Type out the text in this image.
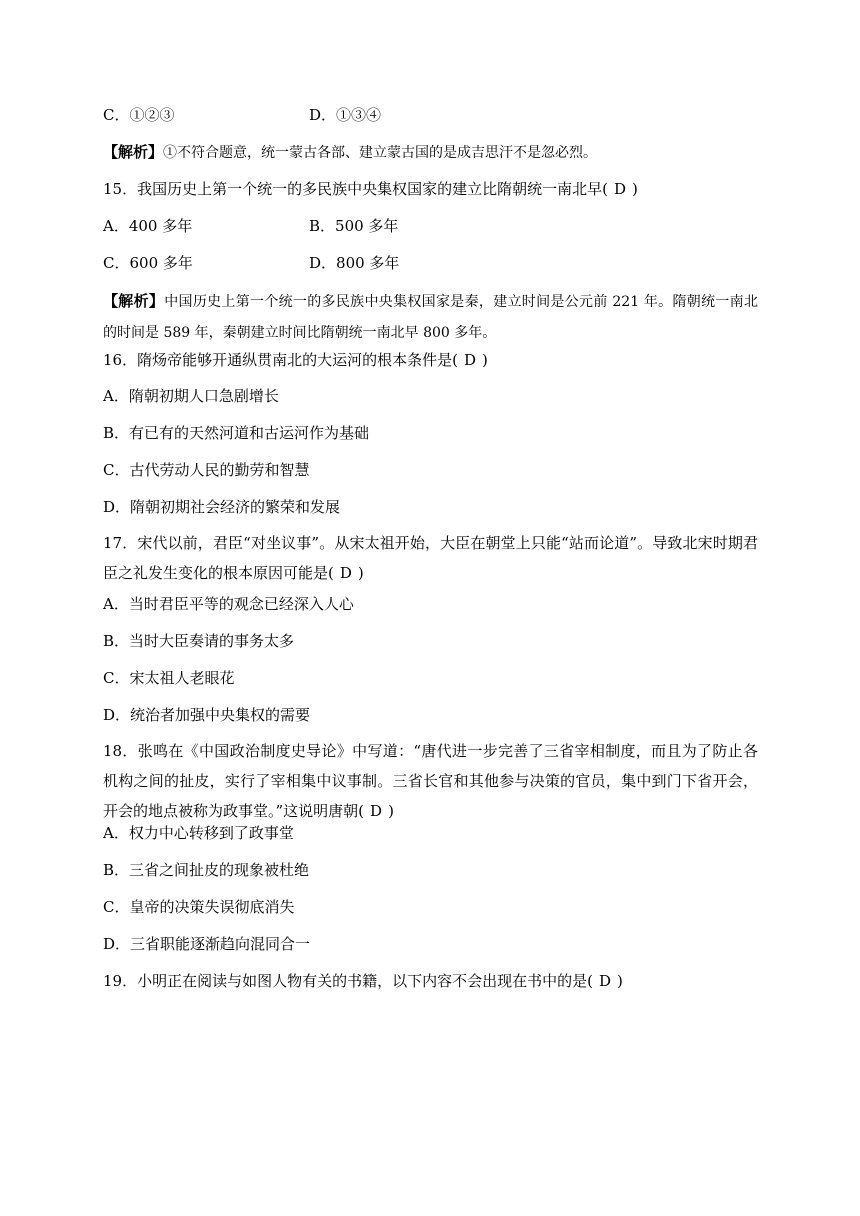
C．①②③	D．①③④
【解析】①不符合题意，统一蒙古各部、建立蒙古国的是成吉思汗不是忽必烈。
15．我国历史上第一个统一的多民族中央集权国家的建立比隋朝统一南北早( D )
A．400 多年	B．500 多年
C．600 多年	D．800 多年
【解析】中国历史上第一个统一的多民族中央集权国家是秦，建立时间是公元前 221 年。隋朝统一南北的时间是 589 年，秦朝建立时间比隋朝统一南北早 800 多年。
16．隋炀帝能够开通纵贯南北的大运河的根本条件是( D )
A．隋朝初期人口急剧增长
B．有已有的天然河道和古运河作为基础
C．古代劳动人民的勤劳和智慧
D．隋朝初期社会经济的繁荣和发展
17．宋代以前，君臣“对坐议事”。从宋太祖开始，大臣在朝堂上只能“站而论道”。导致北宋时期君臣之礼发生变化的根本原因可能是( D )
A．当时君臣平等的观念已经深入人心
B．当时大臣奏请的事务太多
C．宋太祖人老眼花
D．统治者加强中央集权的需要
18．张鸣在《中国政治制度史导论》中写道：“唐代进一步完善了三省宰相制度，而且为了防止各机构之间的扯皮，实行了宰相集中议事制。三省长官和其他参与决策的官员，集中到门下省开会，开会的地点被称为政事堂。”这说明唐朝( D )
A．权力中心转移到了政事堂
B．三省之间扯皮的现象被杜绝
C．皇帝的决策失误彻底消失
D．三省职能逐渐趋向混同合一
19．小明正在阅读与如图人物有关的书籍，以下内容不会出现在书中的是( D )
